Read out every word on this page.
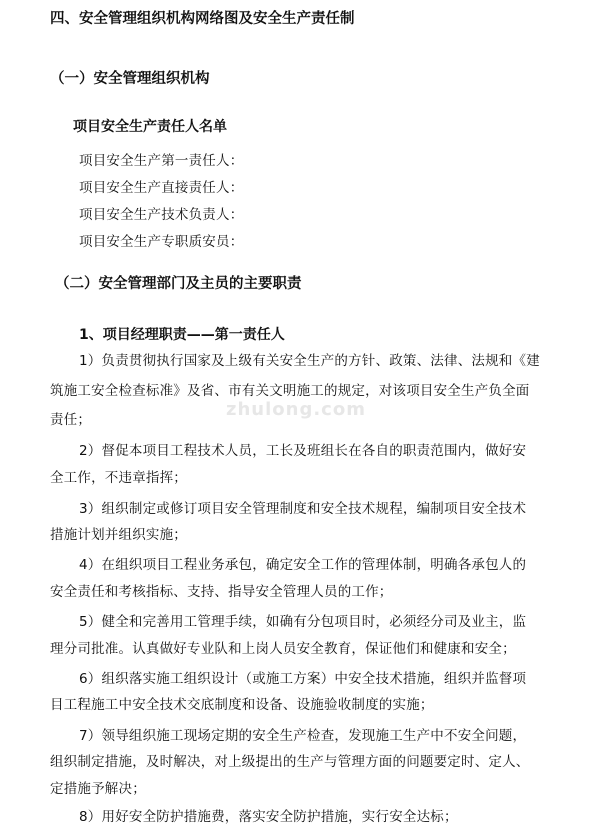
zhulong.com
四、安全管理组织机构网络图及安全生产责任制
（一）安全管理组织机构
项目安全生产责任人名单
项目安全生产第一责任人：
项目安全生产直接责任人：
项目安全生产技术负责人：
项目安全生产专职质安员：
（二）安全管理部门及主员的主要职责
1、项目经理职责——第一责任人
1）负责贯彻执行国家及上级有关安全生产的方针、政策、法律、法规和《建
筑施工安全检查标准》及省、市有关文明施工的规定，对该项目安全生产负全面
责任；
2）督促本项目工程技术人员，工长及班组长在各自的职责范围内，做好安
全工作，不违章指挥；
3）组织制定或修订项目安全管理制度和安全技术规程，编制项目安全技术
措施计划并组织实施；
4）在组织项目工程业务承包，确定安全工作的管理体制，明确各承包人的
安全责任和考核指标、支持、指导安全管理人员的工作；
5）健全和完善用工管理手续，如确有分包项目时，必须经分司及业主，监
理分司批准。认真做好专业队和上岗人员安全教育，保证他们和健康和安全；
6）组织落实施工组织设计（或施工方案）中安全技术措施，组织并监督项
目工程施工中安全技术交底制度和设备、设施验收制度的实施；
7）领导组织施工现场定期的安全生产检查，发现施工生产中不安全问题，
组织制定措施，及时解决，对上级提出的生产与管理方面的问题要定时、定人、
定措施予解决；
8）用好安全防护措施费，落实安全防护措施，实行安全达标；
